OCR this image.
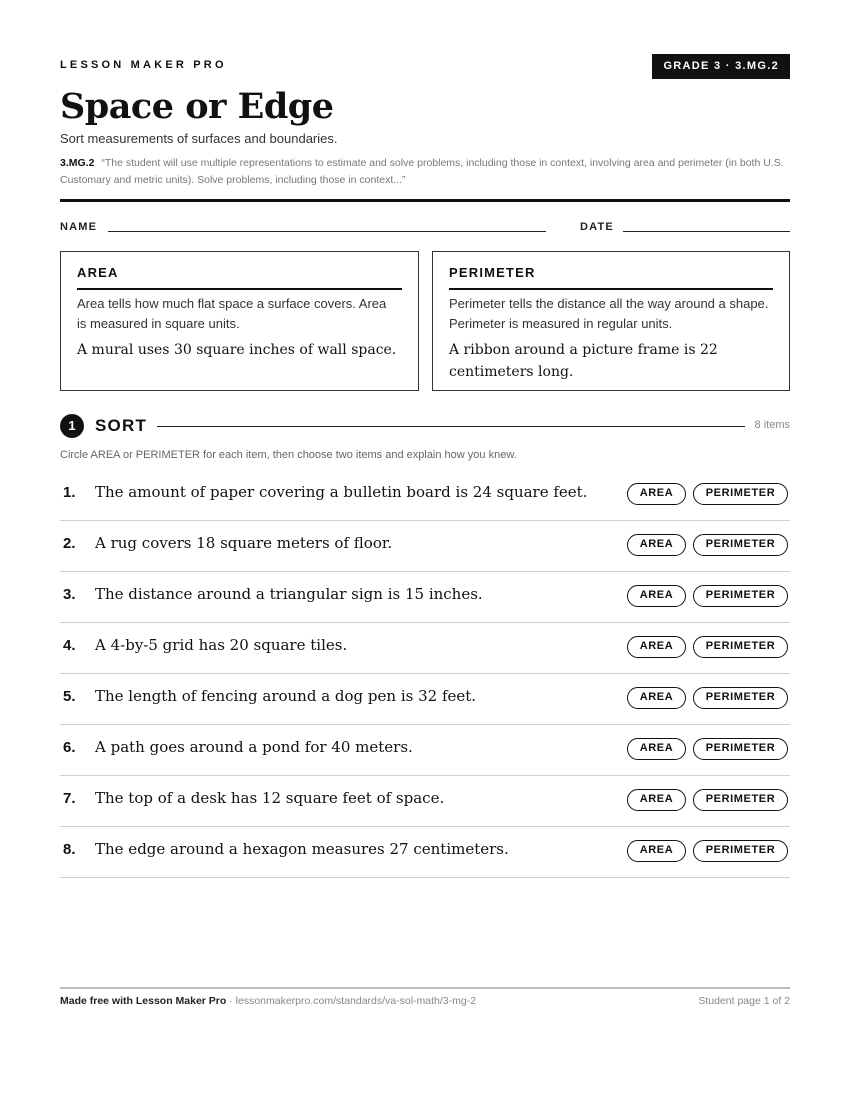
LESSON MAKER PRO	GRADE 3 · 3.MG.2
Space or Edge
Sort measurements of surfaces and boundaries.
3.MG.2 “The student will use multiple representations to estimate and solve problems, including those in context, involving area and perimeter (in both U.S. Customary and metric units). Solve problems, including those in context...”
NAME	DATE
AREA
Area tells how much flat space a surface covers. Area is measured in square units.
A mural uses 30 square inches of wall space.
PERIMETER
Perimeter tells the distance all the way around a shape. Perimeter is measured in regular units.
A ribbon around a picture frame is 22 centimeters long.
1	SORT	8 items
Circle AREA or PERIMETER for each item, then choose two items and explain how you knew.
1. The amount of paper covering a bulletin board is 24 square feet.	AREA	PERIMETER
2. A rug covers 18 square meters of floor.	AREA	PERIMETER
3. The distance around a triangular sign is 15 inches.	AREA	PERIMETER
4. A 4-by-5 grid has 20 square tiles.	AREA	PERIMETER
5. The length of fencing around a dog pen is 32 feet.	AREA	PERIMETER
6. A path goes around a pond for 40 meters.	AREA	PERIMETER
7. The top of a desk has 12 square feet of space.	AREA	PERIMETER
8. The edge around a hexagon measures 27 centimeters.	AREA	PERIMETER
Made free with Lesson Maker Pro · lessonmakerpro.com/standards/va-sol-math/3-mg-2	Student page 1 of 2
